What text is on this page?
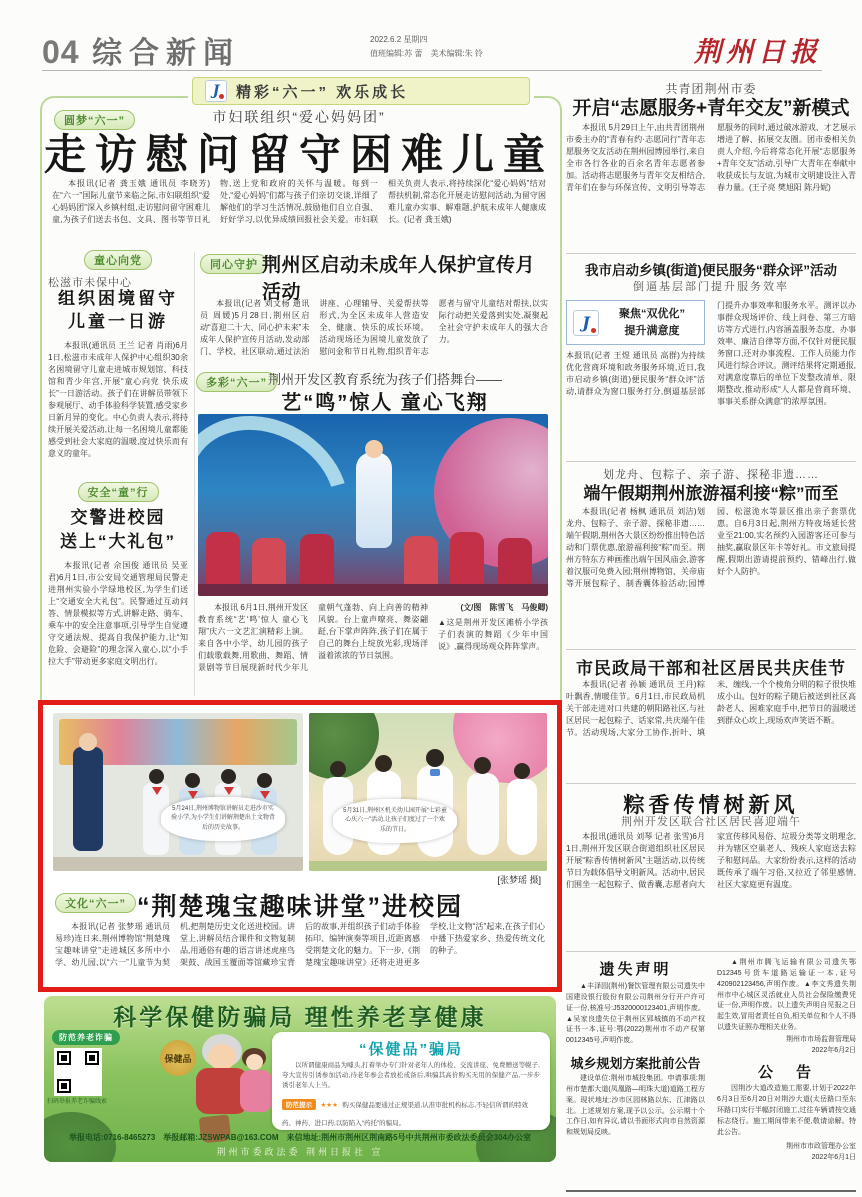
04 综合新闻	2022.6.2 星期四
值班编辑:苏 蕾　美术编辑:朱 铃	荆州日报
J	精彩“六一” 欢乐成长
圆梦“六一”	市妇联组织“爱心妈妈团”
走访慰问留守困难儿童
本报讯(记者 龚玉娥 通讯员 李晓芳)在“六一”国际儿童节来临之际,市妇联组织“爱心妈妈团”深入乡镇村组,走访慰问留守困难儿童,为孩子们送去书包、文具、图书等节日礼物,送上党和政府的关怀与温暖。每到一处,“爱心妈妈”们都与孩子们亲切交谈,详细了解他们的学习生活情况,鼓励他们自立自强、好好学习,以优异成绩回报社会关爱。市妇联相关负责人表示,将持续深化“爱心妈妈”结对帮扶机制,常态化开展走访慰问活动,为留守困难儿童办实事、解难题,护航未成年人健康成长。(记者 龚玉娥)
童心向党
松滋市未保中心
组织困境留守
儿童一日游
本报讯(通讯员 王兰 记者 肖雨)6月1日,松滋市未成年人保护中心组织30余名困境留守儿童走进城市规划馆、科技馆和青少年宫,开展“童心向党 快乐成长”一日游活动。孩子们在讲解员带领下参观展厅、动手体验科学装置,感受家乡日新月异的变化。中心负责人表示,将持续开展关爱活动,让每一名困境儿童都能感受到社会大家庭的温暖,度过快乐而有意义的童年。
安全“童”行
交警进校园
送上“大礼包”
本报讯(记者 佘国俊 通讯员 吴亚君)6月1日,市公安局交通管理局民警走进荆州实验小学绿地校区,为学生们送上“交通安全大礼包”。民警通过互动问答、情景模拟等方式,讲解走路、骑车、乘车中的安全注意事项,引导学生自觉遵守交通法规、提高自我保护能力,让“知危险、会避险”的理念深入童心,以“小手拉大手”带动更多家庭文明出行。
同心守护 荆州区启动未成年人保护宣传月活动
本报讯(记者 刘文杨 通讯员 周媛)5月28日,荆州区启动“喜迎二十大、同心护未来”未成年人保护宣传月活动,发动部门、学校、社区联动,通过法治讲座、心理辅导、关爱帮扶等形式,为全区未成年人营造安全、健康、快乐的成长环境。活动现场还为困境儿童发放了慰问金和节日礼物,组织青年志愿者与留守儿童结对帮扶,以实际行动把关爱落到实处,凝聚起全社会守护未成年人的强大合力。
多彩“六一” 荆州开发区教育系统为孩子们搭舞台——
艺“鸣”惊人 童心飞翔
本报讯 6月1日,荆州开发区教育系统“艺‘鸣’惊人 童心飞翔”庆六一文艺汇演精彩上演。来自各中小学、幼儿园的孩子们载歌载舞,用歌曲、舞蹈、情景剧等节目展现新时代少年儿童朝气蓬勃、向上向善的精神风貌。台上童声嘹亮、舞姿翩跹,台下掌声阵阵,孩子们在属于自己的舞台上绽放光彩,现场洋溢着浓浓的节日氛围。
(文/图　陈雪飞　马俊卿)
▲这是荆州开发区滩桥小学孩子们表演的舞蹈《少年中国说》,赢得现场观众阵阵掌声。
5月24日,荆州博物馆讲解员走进沙市实验小学,为小学生们讲解荆楚出土文物背后的历史故事。
5月31日,荆州区机关幼儿园开展“七彩童心庆六一”活动,让孩子们度过了一个欢乐的节日。
[张梦瑶 摄]
文化“六一” “荆楚瑰宝趣味讲堂”进校园
本报讯(记者 张梦瑶 通讯员 易珍)连日来,荆州博物馆“荆楚瑰宝趣味讲堂”走进城区多所中小学、幼儿园,以“六一”儿童节为契机,把荆楚历史文化送进校园。讲堂上,讲解员结合课件和文物复制品,用通俗有趣的语言讲述虎座鸟架鼓、战国玉覆面等馆藏珍宝背后的故事,并组织孩子们动手体验拓印、编钟演奏等项目,近距离感受荆楚文化的魅力。下一步,《荆楚瑰宝趣味讲堂》还将走进更多学校,让文物“活”起来,在孩子们心中播下热爱家乡、热爱传统文化的种子。
科学保健防骗局 理性养老享健康
防范养老诈骗
扫码举报养老诈骗线索
保健品
“保健品”骗局
以所谓健康商品为噱头,打着举办专门针对老年人的体检、交流讲座、免费赠送等幌子,夸大宣传引诱参加活动,待老年参会者放松戒备后,哄骗其高价购买无用的保健产品,一步步诱引老年人上当。
防范提示 ★★★ 购买保健品要通过正规渠道,认准审批机构标志,不轻信所谓的特效药、神药、进口药,以防陷入“药托”的骗局。
举报电话:0716-8465273　举报邮箱:JZSWPAB@163.COM　来信地址:荆州市荆州区荆南路5号中共荆州市委政法委员会304办公室
荆州市委政法委 荆州日报社 宣
共青团荆州市委
开启“志愿服务+青年交友”新模式
本报讯 5月29日上午,由共青团荆州市委主办的“青春有约·志愿同行”青年志愿服务交友活动在荆州园博园举行,来自全市各行各业的百余名青年志愿者参加。活动将志愿服务与青年交友相结合,青年们在参与环保宣传、文明引导等志愿服务的同时,通过破冰游戏、才艺展示增进了解、拓展交友圈。团市委相关负责人介绍,今后将常态化开展“志愿服务+青年交友”活动,引导广大青年在奉献中收获成长与友谊,为城市文明建设注入青春力量。(王子亮 樊旭阳 陈丹妮)
我市启动乡镇(街道)便民服务“群众评”活动
倒逼基层部门提升服务效率
J	聚焦“双优化”
提升满意度
本报讯(记者 王煜 通讯员 高群)为持续优化营商环境和政务服务环境,近日,我市启动乡镇(街道)便民服务“群众评”活动,请群众为窗口服务打分,倒逼基层部门提升办事效率和服务水平。测评以办事群众现场评价、线上问卷、第三方暗访等方式进行,内容涵盖服务态度、办事效率、廉洁自律等方面,不仅针对便民服务窗口,还对办事流程、工作人员能力作风进行综合评议。测评结果将定期通报,对满意度靠后的单位下发整改清单、限期整改,推动形成“人人都是营商环境、事事关系群众满意”的浓厚氛围。
划龙舟、包粽子、亲子游、探秘非遗……
端午假期荆州旅游福利接“粽”而至
本报讯(记者 杨枫 通讯员 刘洁)划龙舟、包粽子、亲子游、探秘非遗……端午假期,荆州各大景区纷纷推出特色活动和门票优惠,旅游福利接“粽”而至。荆州方特东方神画推出端午国风庙会,游客着汉服可免费入园;荆州博物馆、关帝庙等开展包粽子、制香囊体验活动;园博园、松滋洈水等景区推出亲子套票优惠。自6月3日起,荆州方特夜场延长营业至21:00,实名预约入园游客还可参与抽奖,赢取景区年卡等好礼。市文旅局提醒,假期出游请提前预约、错峰出行,做好个人防护。
市民政局干部和社区居民共庆佳节
本报讯(记者 孙颖 通讯员 王丹)粽叶飘香,情暖佳节。6月1日,市民政局机关干部走进对口共建的朝阳路社区,与社区居民一起包粽子、话家常,共庆端午佳节。活动现场,大家分工协作,折叶、填米、缠线,一个个棱角分明的粽子很快堆成小山。包好的粽子随后被送到社区高龄老人、困难家庭手中,把节日的温暖送到群众心坎上,现场欢声笑语不断。
粽香传情树新风
荆州开发区联合社区居民喜迎端午
本报讯(通讯员 刘琴 记者 张雪)6月1日,荆州开发区联合街道组织社区居民开展“粽香传情树新风”主题活动,以传统节日为载体倡导文明新风。活动中,居民们围坐一起包粽子、做香囊,志愿者向大家宣传移风易俗、垃圾分类等文明理念,并为辖区空巢老人、残疾人家庭送去粽子和慰问品。大家纷纷表示,这样的活动既传承了端午习俗,又拉近了邻里感情,社区大家庭更有温度。
遗失声明
▲丰泽园(荆州)餐饮管理有限公司遗失中国建设银行股份有限公司荆州分行开户许可证一份,核准号:J5320000123401,声明作废。▲吴家良遗失位于荆州区郢城镇的不动产权证书一本,证号:鄂(2022)荆州市不动产权第0012345号,声明作废。
城乡规划方案批前公告
建设单位:荆州市城投集团。申请事项:荆州市楚都大道(凤凰路—明珠大道)道路工程方案。现状地址:沙市区园林路以东、江津路以北。上述规划方案,现予以公示。公示期十个工作日,如有异议,请以书面形式向市自然资源和规划局反映。
▲荆州市腾飞运输有限公司遗失鄂D12345号货车道路运输证一本,证号420902123456,声明作废。▲李文秀遗失荆州市中心城区灵活就业人员社会保险缴费凭证一份,声明作废。以上遗失声明自见报之日起生效,冒用者责任自负,相关单位和个人不得以遗失证照办理相关业务。
荆州市市场监督管理局
2022年6月2日
公　告
因荆沙大道改造施工需要,计划于2022年6月3日至6月20日对荆沙大道(太岳路口至东环路口)实行半幅封闭施工,过往车辆请按交通标志绕行。施工期间带来不便,敬请谅解。特此公告。
荆州市市政管理办公室
2022年6月1日
